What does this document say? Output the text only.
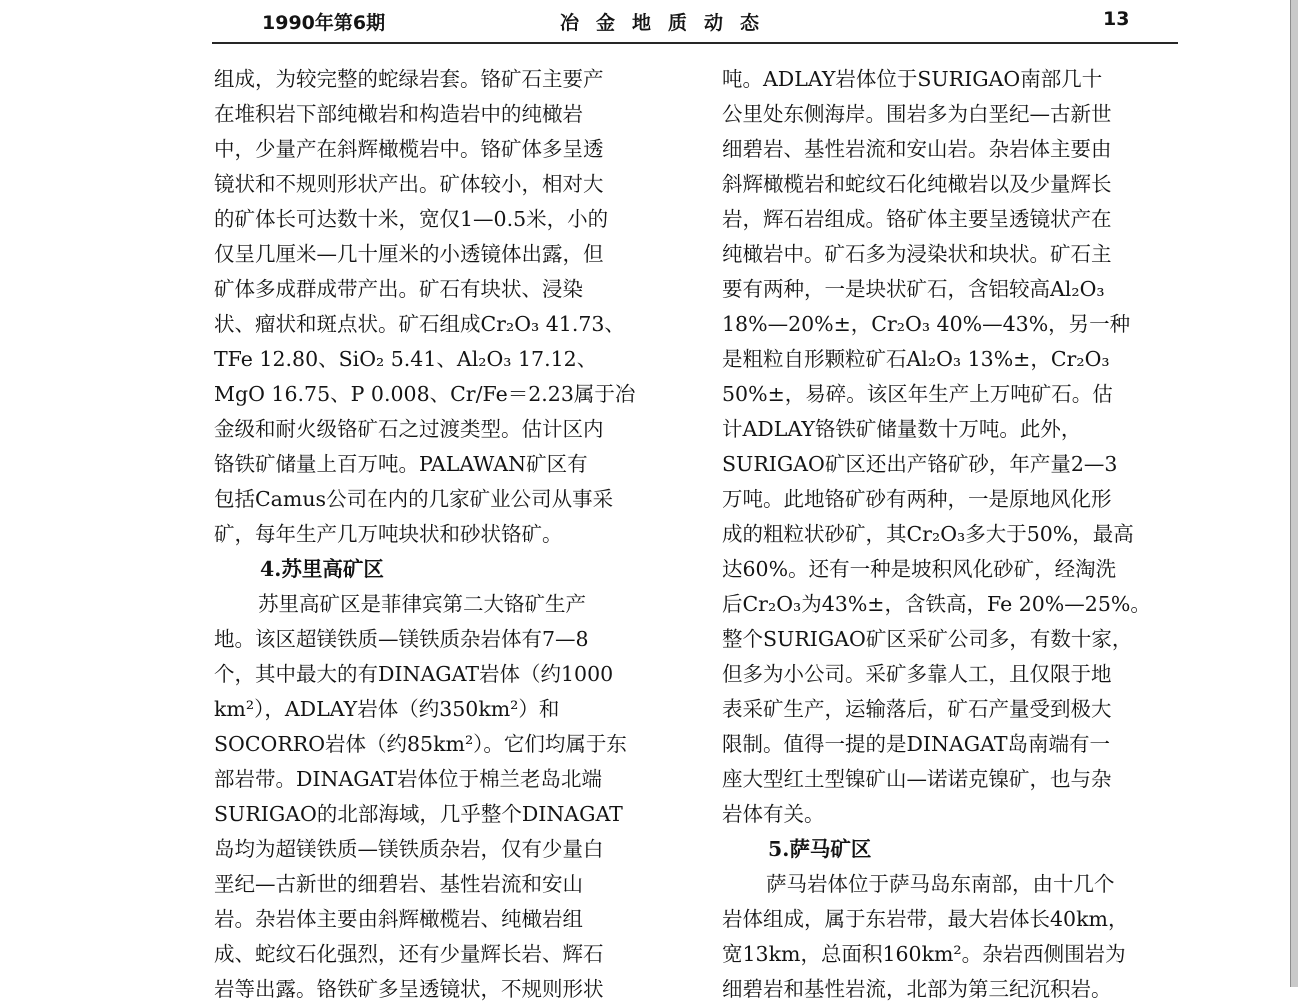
1990年第6期	冶金地质动态	13
组成，为较完整的蛇绿岩套。铬矿石主要产
在堆积岩下部纯橄岩和构造岩中的纯橄岩
中，少量产在斜辉橄榄岩中。铬矿体多呈透
镜状和不规则形状产出。矿体较小，相对大
的矿体长可达数十米，宽仅1—0.5米，小的
仅呈几厘米—几十厘米的小透镜体出露，但
矿体多成群成带产出。矿石有块状、浸染
状、瘤状和斑点状。矿石组成Cr₂O₃ 41.73、
TFe 12.80、SiO₂ 5.41、Al₂O₃ 17.12、
MgO 16.75、P 0.008、Cr/Fe＝2.23属于冶
金级和耐火级铬矿石之过渡类型。估计区内
铬铁矿储量上百万吨。PALAWAN矿区有
包括Camus公司在内的几家矿业公司从事采
矿，每年生产几万吨块状和砂状铬矿。
4.苏里高矿区
苏里高矿区是菲律宾第二大铬矿生产
地。该区超镁铁质—镁铁质杂岩体有7—8
个，其中最大的有DINAGAT岩体（约1000
km²），ADLAY岩体（约350km²）和
SOCORRO岩体（约85km²）。它们均属于东
部岩带。DINAGAT岩体位于棉兰老岛北端
SURIGAO的北部海域，几乎整个DINAGAT
岛均为超镁铁质—镁铁质杂岩，仅有少量白
垩纪—古新世的细碧岩、基性岩流和安山
岩。杂岩体主要由斜辉橄榄岩、纯橄岩组
成、蛇纹石化强烈，还有少量辉长岩、辉石
岩等出露。铬铁矿多呈透镜状，不规则形状
吨。ADLAY岩体位于SURIGAO南部几十
公里处东侧海岸。围岩多为白垩纪—古新世
细碧岩、基性岩流和安山岩。杂岩体主要由
斜辉橄榄岩和蛇纹石化纯橄岩以及少量辉长
岩，辉石岩组成。铬矿体主要呈透镜状产在
纯橄岩中。矿石多为浸染状和块状。矿石主
要有两种，一是块状矿石，含铝较高Al₂O₃
18%—20%±，Cr₂O₃ 40%—43%，另一种
是粗粒自形颗粒矿石Al₂O₃ 13%±，Cr₂O₃
50%±，易碎。该区年生产上万吨矿石。估
计ADLAY铬铁矿储量数十万吨。此外，
SURIGAO矿区还出产铬矿砂，年产量2—3
万吨。此地铬矿砂有两种，一是原地风化形
成的粗粒状砂矿，其Cr₂O₃多大于50%，最高
达60%。还有一种是坡积风化砂矿，经淘洗
后Cr₂O₃为43%±，含铁高，Fe 20%—25%。
整个SURIGAO矿区采矿公司多，有数十家，
但多为小公司。采矿多靠人工，且仅限于地
表采矿生产，运输落后，矿石产量受到极大
限制。值得一提的是DINAGAT岛南端有一
座大型红土型镍矿山—诺诺克镍矿，也与杂
岩体有关。
5.萨马矿区
萨马岩体位于萨马岛东南部，由十几个
岩体组成，属于东岩带，最大岩体长40km，
宽13km，总面积160km²。杂岩西侧围岩为
细碧岩和基性岩流，北部为第三纪沉积岩。
